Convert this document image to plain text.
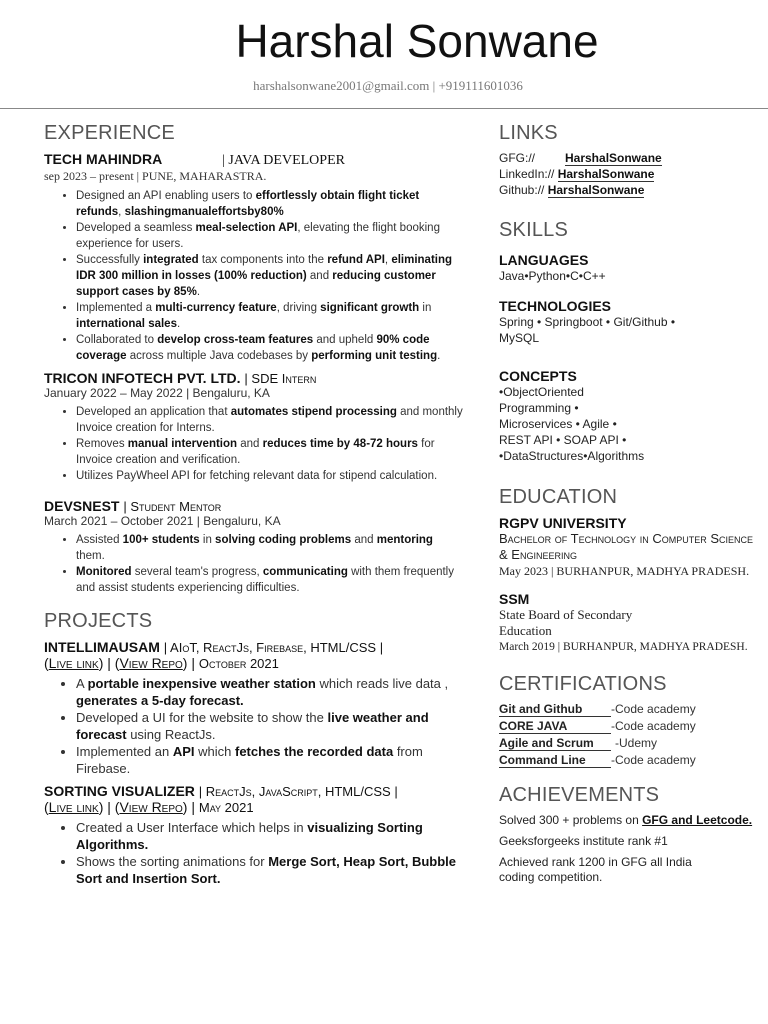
Harshal Sonwane
harshalsonwane2001@gmail.com | +919111601036
EXPERIENCE
TECH MAHINDRA	| JAVA DEVELOPER
sep 2023 – present | PUNE, MAHARASTRA.
• Designed an API enabling users to effortlessly obtain flight ticket refunds, slashingmanualeffortsby80%
• Developed a seamless meal-selection API, elevating the flight booking experience for users.
• Successfully integrated tax components into the refund API, eliminating IDR 300 million in losses (100% reduction) and reducing customer support cases by 85%.
• Implemented a multi-currency feature, driving significant growth in international sales.
• Collaborated to develop cross-team features and upheld 90% code coverage across multiple Java codebases by performing unit testing.
TRICON INFOTECH PVT. LTD. | SDE Intern
January 2022 – May 2022 | Bengaluru, KA
• Developed an application that automates stipend processing and monthly Invoice creation for Interns.
• Removes manual intervention and reduces time by 48-72 hours for Invoice creation and verification.
• Utilizes PayWheel API for fetching relevant data for stipend calculation.
DEVSNEST | Student Mentor
March 2021 – October 2021 | Bengaluru, KA
• Assisted 100+ students in solving coding problems and mentoring them.
• Monitored several team's progress, communicating with them frequently and assist students experiencing difficulties.
PROJECTS
INTELLIMAUSAM | AIoT, ReactJs, Firebase, HTML/CSS |
(Live link) | (View Repo) | October 2021
• A portable inexpensive weather station which reads live data , generates a 5-day forecast.
• Developed a UI for the website to show the live weather and forecast using ReactJs.
• Implemented an API which fetches the recorded data from Firebase.
SORTING VISUALIZER | ReactJs, JavaScript, HTML/CSS |
(Live link) | (View Repo) | May 2021
• Created a User Interface which helps in visualizing Sorting Algorithms.
• Shows the sorting animations for Merge Sort, Heap Sort, Bubble Sort and Insertion Sort.
LINKS
GFG://	HarshalSonwane
LinkedIn:// HarshalSonwane
Github:// HarshalSonwane
SKILLS
LANGUAGES
Java•Python•C•C++
TECHNOLOGIES
Spring • Springboot • Git/Github • MySQL
CONCEPTS
•ObjectOriented Programming • Microservices • Agile • REST API • SOAP API • •DataStructures•Algorithms
EDUCATION
RGPV UNIVERSITY
Bachelor of Technology in Computer Science & Engineering
May 2023 | BURHANPUR, MADHYA PRADESH.
SSM
State Board of Secondary Education
March 2019 | BURHANPUR, MADHYA PRADESH.
CERTIFICATIONS
Git and Github	-Code academy
CORE JAVA	-Code academy
Agile and Scrum	-Udemy
Command Line	-Code academy
ACHIEVEMENTS
Solved 300 + problems on GFG and Leetcode.
Geeksforgeeks institute rank #1
Achieved rank 1200 in GFG all India coding competition.
